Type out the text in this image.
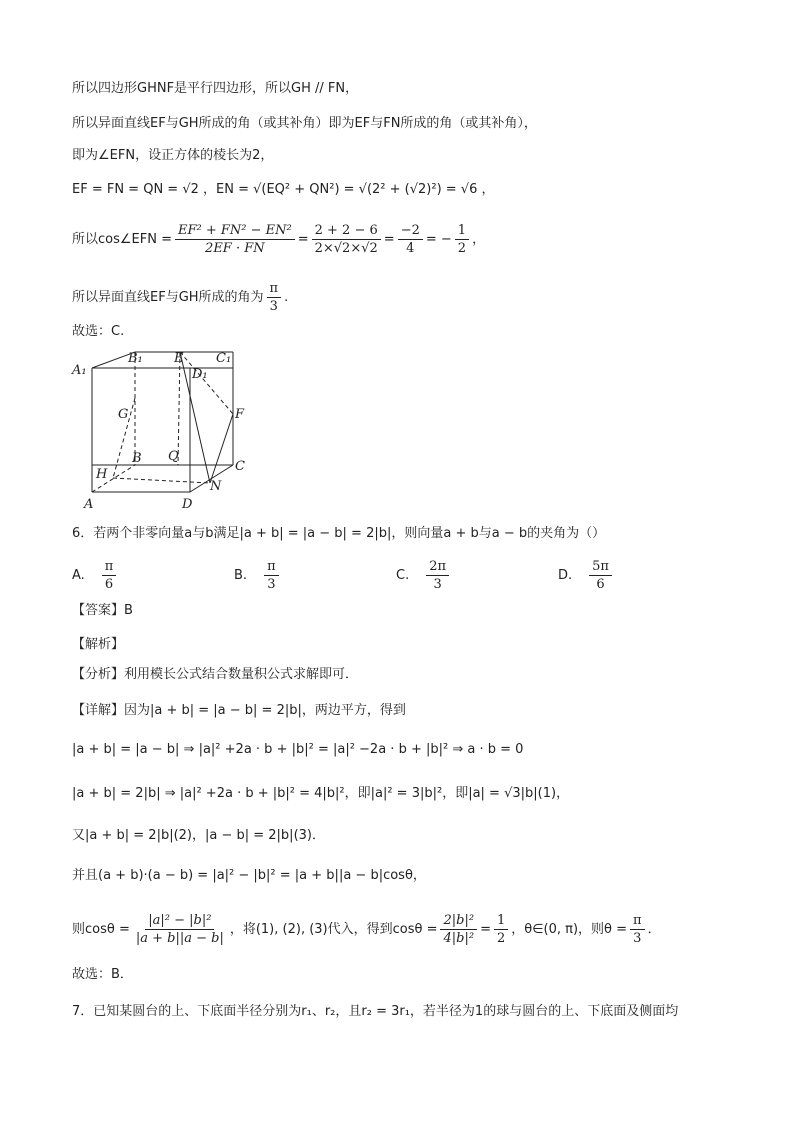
所以四边形GHNF是平行四边形，所以GH // FN，
所以异面直线EF与GH所成的角（或其补角）即为EF与FN所成的角（或其补角），
即为∠EFN，设正方体的棱长为2，
EF = FN = QN = √2 ，EN = √(EQ² + QN²) = √(2² + (√2)²) = √6 ，
所以cos∠EFN = $\frac{\text{EF² + FN² − EN²}}{2EF \cdot FN} = \frac{2 + 2 - 6}{2\times√2\times√2} = \frac{-2}{4}$ = − $\frac{1}{2}$ ，
所以异面直线EF与GH所成的角为 $\frac{\pi}{3}$ .
故选：C.
B₁ E	C₁
A₁	D₁
G	F
B Q
H
C
N
A	D
6．若两个非零向量a与b满足|a + b| = |a − b| = 2|b|，则向量a + b与a − b的夹角为（）
A. $\frac{\pi}{6}$	B. $\frac{\pi}{3}$	C. $\frac{2\pi}{3}$	D. $\frac{5\pi}{6}$
【答案】B
【解析】
【分析】利用模长公式结合数量积公式求解即可．
【详解】因为|a + b| = |a − b| = 2|b|，两边平方，得到
|a + b| = |a − b| ⇒ |a|² +2a · b + |b|² = |a|² −2a · b + |b|² ⇒ a · b = 0
|a + b| = 2|b| ⇒ |a|² +2a · b + |b|² = 4|b|²，即|a|² = 3|b|²，即|a| = √3|b|(1)，
又|a + b| = 2|b|(2)，|a − b| = 2|b|(3)．
并且(a + b)·(a − b) = |a|² − |b|² = |a + b||a − b|cosθ，
则$\cos\theta = \frac{\text{|a|² − |b|²}}{|a + b||a - b|}$ ，将(1), (2), (3)代入，得到$\cos\theta = \frac{\text{2|b|²}}{\text{4|b|²}} = \frac{1}{2}$ ，θ∈(0, π)，则$\theta = \frac{\pi}{3}$ ．
故选：B．
7．已知某圆台的上、下底面半径分别为r₁、r₂，且r₂ = 3r₁，若半径为1的球与圆台的上、下底面及侧面均
